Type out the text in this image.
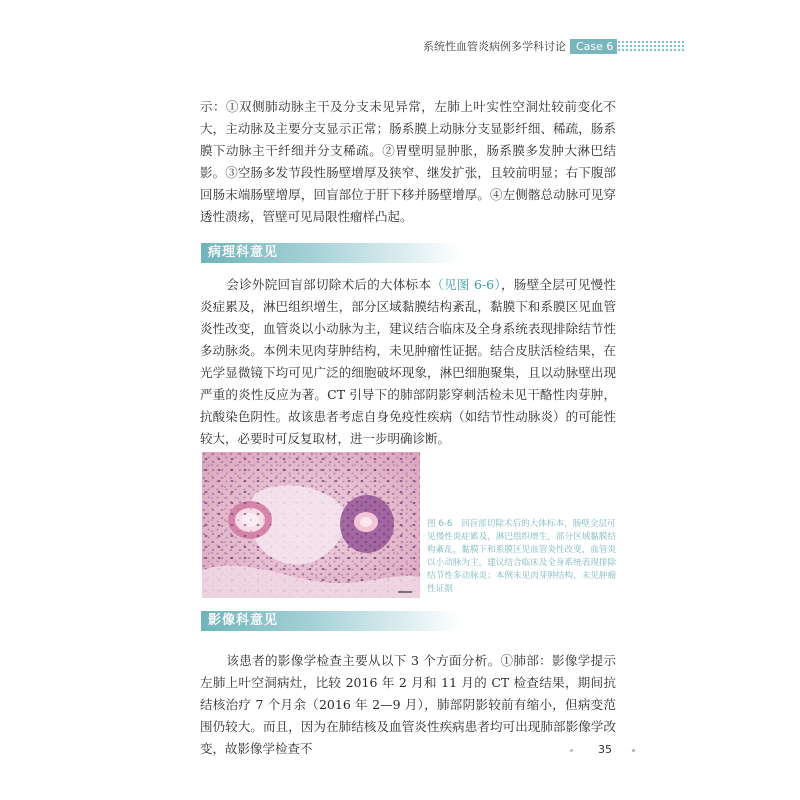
系统性血管炎病例多学科讨论 Case 6

示：①双侧肺动脉主干及分支未见异常，左肺上叶实性空洞灶较前变化不大，主动脉及主要分支显示正常；肠系膜上动脉分支显影纤细、稀疏，肠系膜下动脉主干纤细并分支稀疏。②胃壁明显肿胀，肠系膜多发肿大淋巴结影。③空肠多发节段性肠壁增厚及狭窄、继发扩张，且较前明显；右下腹部回肠末端肠壁增厚，回盲部位于肝下移并肠壁增厚。④左侧髂总动脉可见穿透性溃疡，管壁可见局限性瘤样凸起。

病理科意见

会诊外院回盲部切除术后的大体标本（见图 6-6），肠壁全层可见慢性炎症累及，淋巴组织增生，部分区域黏膜结构紊乱，黏膜下和系膜区见血管炎性改变，血管炎以小动脉为主，建议结合临床及全身系统表现排除结节性多动脉炎。本例未见肉芽肿结构，未见肿瘤性证据。结合皮肤活检结果，在光学显微镜下均可见广泛的细胞破坏现象，淋巴细胞聚集，且以动脉壁出现严重的炎性反应为著。CT 引导下的肺部阴影穿刺活检未见干酪性肉芽肿，抗酸染色阴性。故该患者考虑自身免疫性疾病（如结节性动脉炎）的可能性较大，必要时可反复取材，进一步明确诊断。

图 6-6　回盲部切除术后的大体标本，肠壁全层可见慢性炎症累及，淋巴组织增生，部分区域黏膜结构紊乱，黏膜下和系膜区见血管炎性改变，血管炎以小动脉为主，建议结合临床及全身系统表现排除结节性多动脉炎；本例未见肉芽肿结构，未见肿瘤性证据

影像科意见

该患者的影像学检查主要从以下 3 个方面分析。①肺部：影像学提示左肺上叶空洞病灶，比较 2016 年 2 月和 11 月的 CT 检查结果，期间抗结核治疗 7 个月余（2016 年 2—9 月），肺部阴影较前有缩小，但病变范围仍较大。而且，因为在肺结核及血管炎性疾病患者均可出现肺部影像学改变，故影像学检查不	35
